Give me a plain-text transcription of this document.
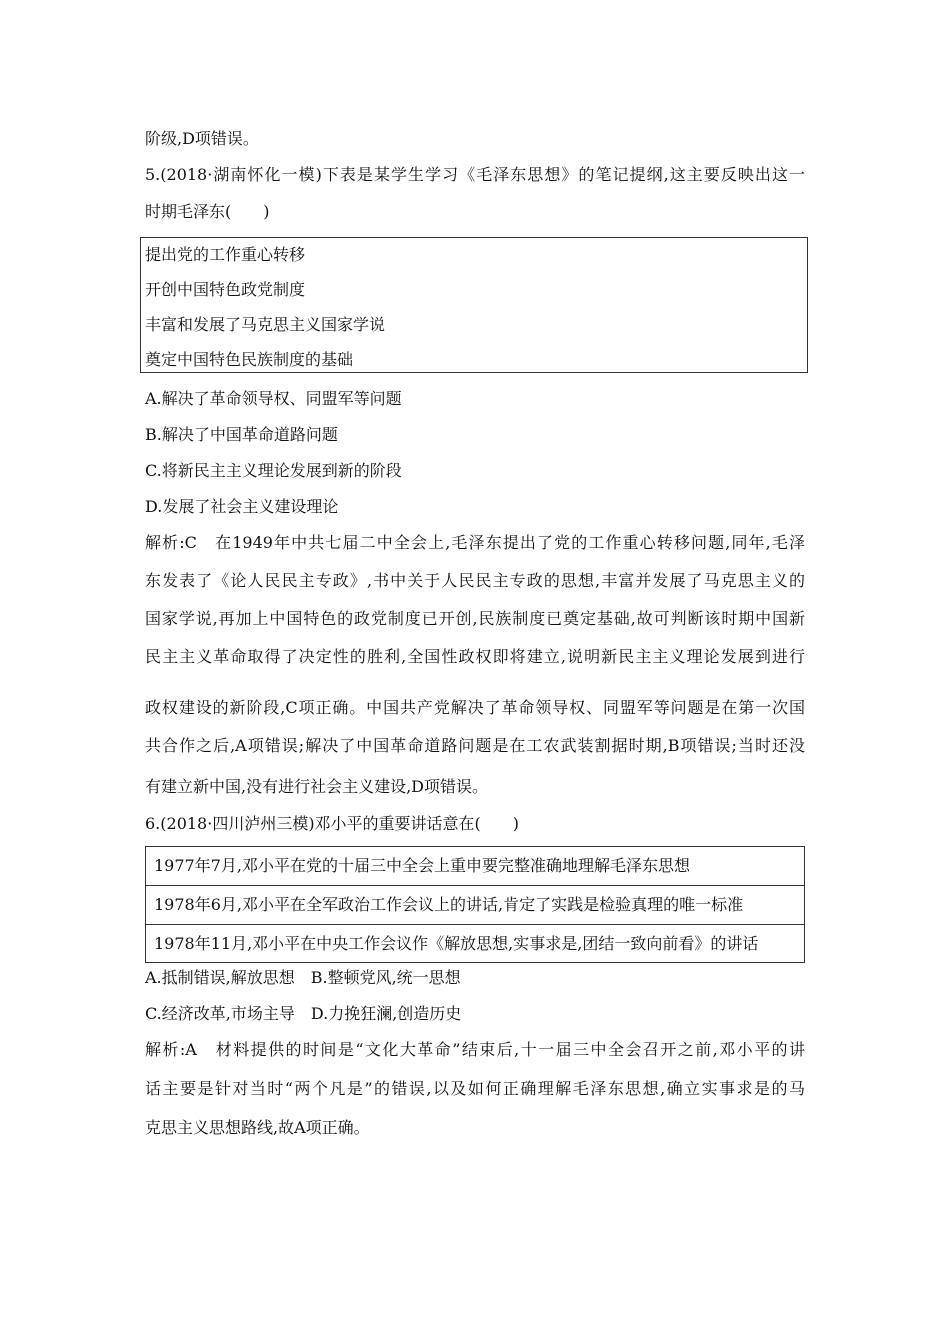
阶级,D项错误。
5.(2018·湖南怀化一模)下表是某学生学习《毛泽东思想》的笔记提纲,这主要反映出这一
时期毛泽东(　　)
提出党的工作重心转移
开创中国特色政党制度
丰富和发展了马克思主义国家学说
奠定中国特色民族制度的基础
A.解决了革命领导权、同盟军等问题
B.解决了中国革命道路问题
C.将新民主主义理论发展到新的阶段
D.发展了社会主义建设理论
解析:C　在1949年中共七届二中全会上,毛泽东提出了党的工作重心转移问题,同年,毛泽
东发表了《论人民民主专政》,书中关于人民民主专政的思想,丰富并发展了马克思主义的
国家学说,再加上中国特色的政党制度已开创,民族制度已奠定基础,故可判断该时期中国新
民主主义革命取得了决定性的胜利,全国性政权即将建立,说明新民主主义理论发展到进行
政权建设的新阶段,C项正确。中国共产党解决了革命领导权、同盟军等问题是在第一次国
共合作之后,A项错误;解决了中国革命道路问题是在工农武装割据时期,B项错误;当时还没
有建立新中国,没有进行社会主义建设,D项错误。
6.(2018·四川泸州三模)邓小平的重要讲话意在(　　)
1977年7月,邓小平在党的十届三中全会上重申要完整准确地理解毛泽东思想
1978年6月,邓小平在全军政治工作会议上的讲话,肯定了实践是检验真理的唯一标准
1978年11月,邓小平在中央工作会议作《解放思想,实事求是,团结一致向前看》的讲话
A.抵制错误,解放思想　B.整顿党风,统一思想
C.经济改革,市场主导　D.力挽狂澜,创造历史
解析:A　材料提供的时间是“文化大革命”结束后,十一届三中全会召开之前,邓小平的讲
话主要是针对当时“两个凡是”的错误,以及如何正确理解毛泽东思想,确立实事求是的马
克思主义思想路线,故A项正确。
